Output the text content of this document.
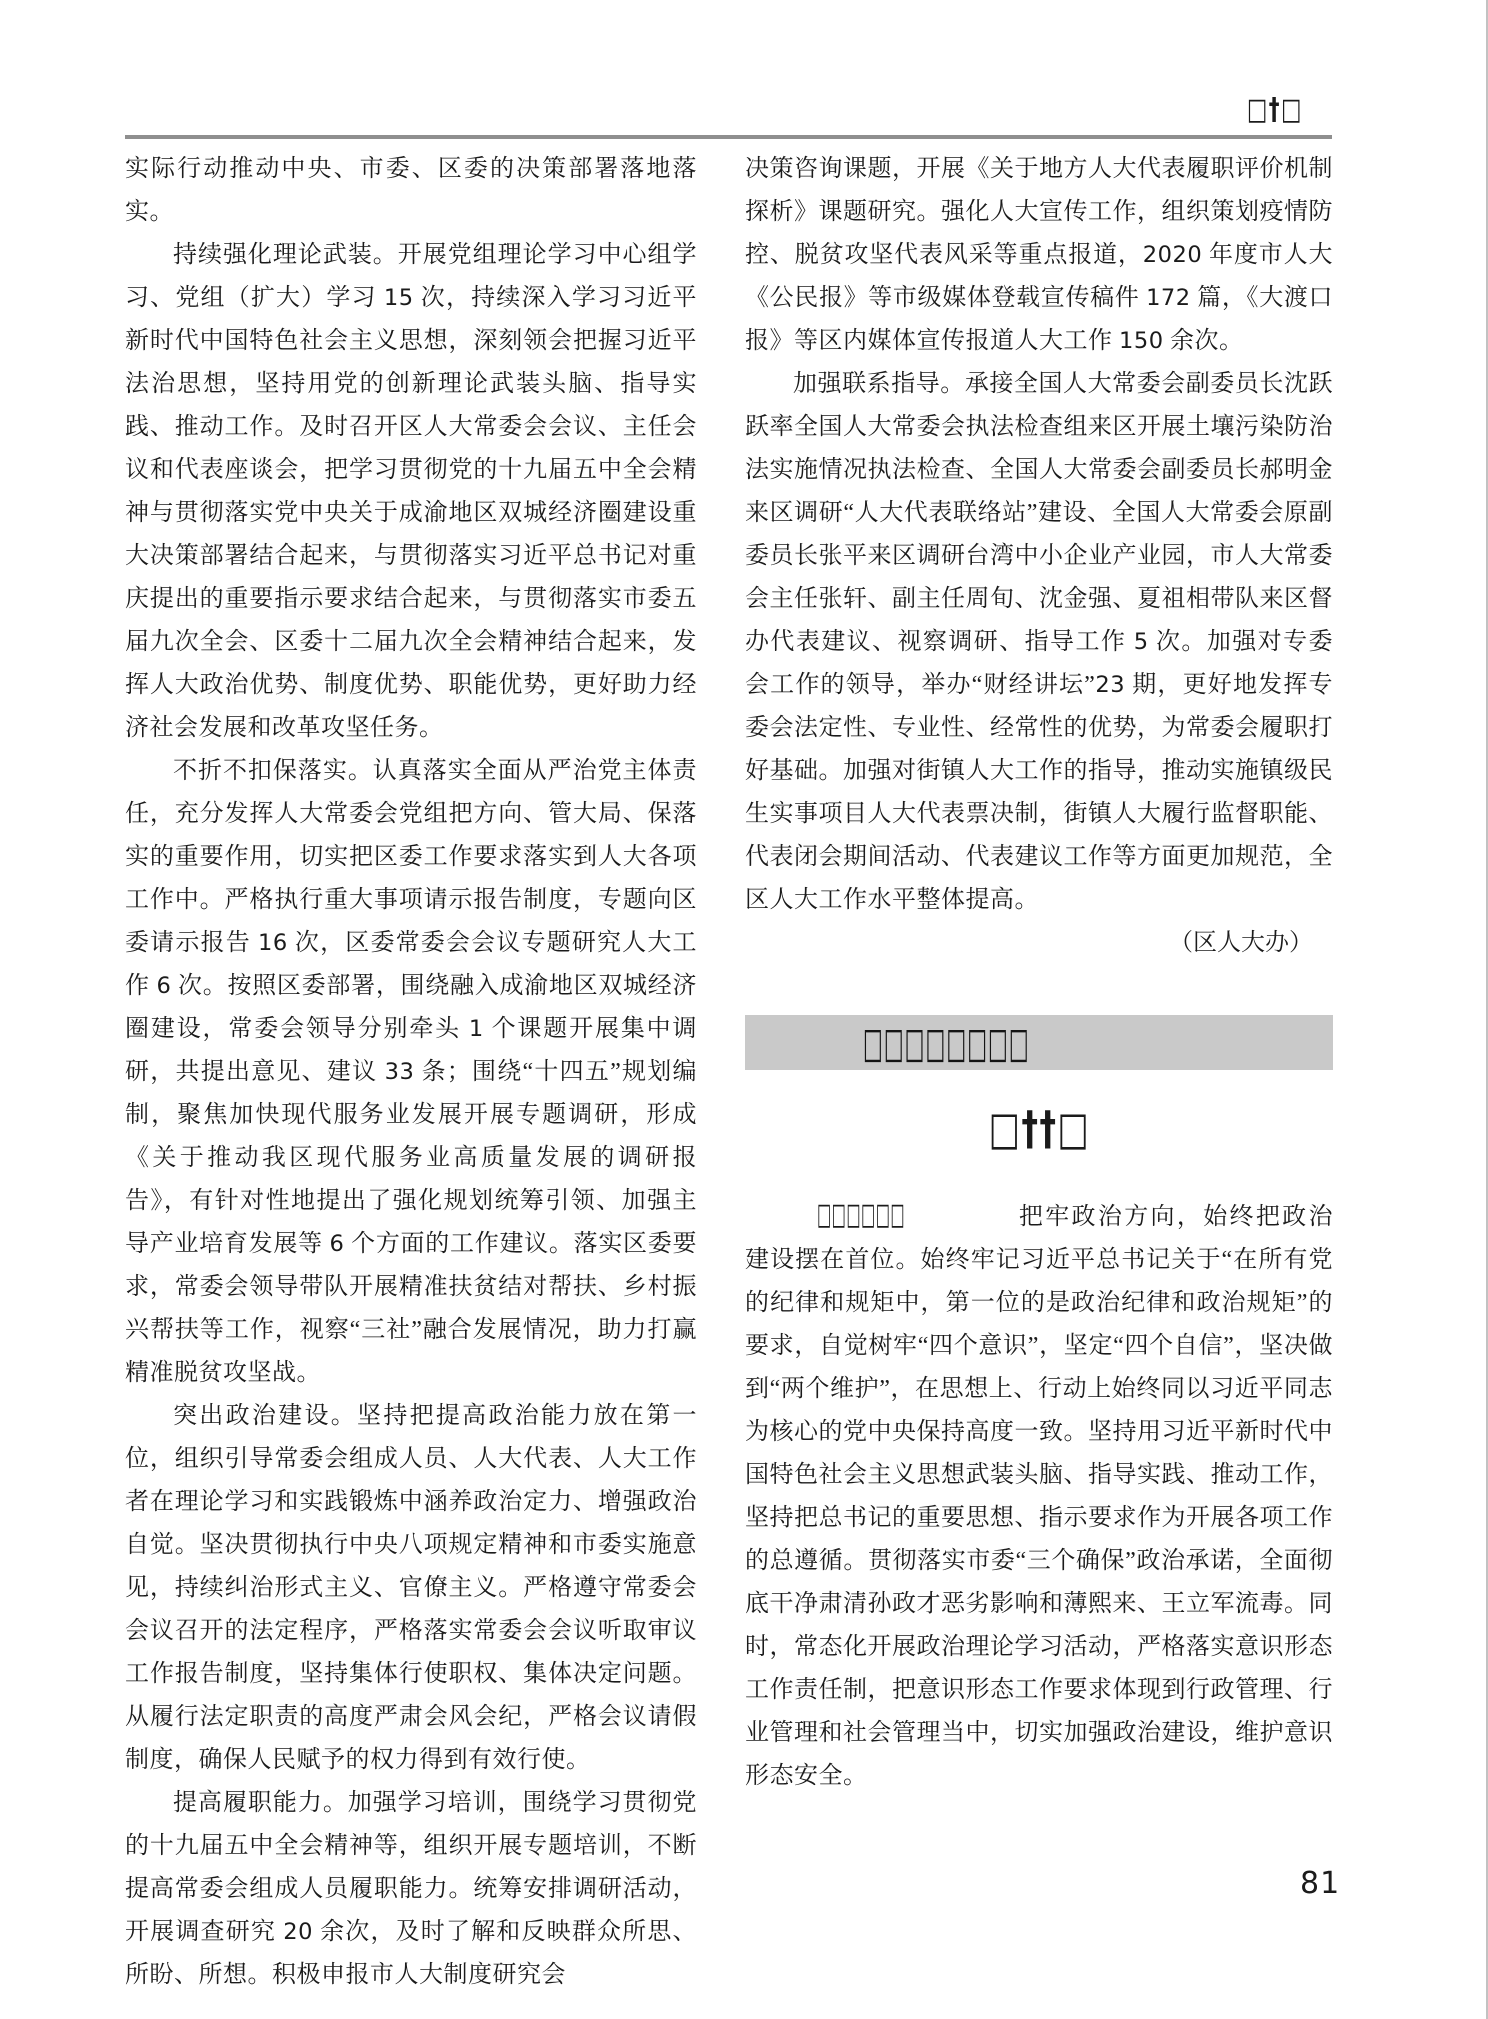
□†□

实际行动推动中央、市委、区委的决策部署落地落实。

持续强化理论武装。开展党组理论学习中心组学习、党组（扩大）学习 15 次，持续深入学习习近平新时代中国特色社会主义思想，深刻领会把握习近平法治思想，坚持用党的创新理论武装头脑、指导实践、推动工作。及时召开区人大常委会会议、主任会议和代表座谈会，把学习贯彻党的十九届五中全会精神与贯彻落实党中央关于成渝地区双城经济圈建设重大决策部署结合起来，与贯彻落实习近平总书记对重庆提出的重要指示要求结合起来，与贯彻落实市委五届九次全会、区委十二届九次全会精神结合起来，发挥人大政治优势、制度优势、职能优势，更好助力经济社会发展和改革攻坚任务。

不折不扣保落实。认真落实全面从严治党主体责任，充分发挥人大常委会党组把方向、管大局、保落实的重要作用，切实把区委工作要求落实到人大各项工作中。严格执行重大事项请示报告制度，专题向区委请示报告 16 次，区委常委会会议专题研究人大工作 6 次。按照区委部署，围绕融入成渝地区双城经济圈建设，常委会领导分别牵头 1 个课题开展集中调研，共提出意见、建议 33 条；围绕“十四五”规划编制，聚焦加快现代服务业发展开展专题调研，形成《关于推动我区现代服务业高质量发展的调研报告》，有针对性地提出了强化规划统筹引领、加强主导产业培育发展等 6 个方面的工作建议。落实区委要求，常委会领导带队开展精准扶贫结对帮扶、乡村振兴帮扶等工作，视察“三社”融合发展情况，助力打赢精准脱贫攻坚战。

突出政治建设。坚持把提高政治能力放在第一位，组织引导常委会组成人员、人大代表、人大工作者在理论学习和实践锻炼中涵养政治定力、增强政治自觉。坚决贯彻执行中央八项规定精神和市委实施意见，持续纠治形式主义、官僚主义。严格遵守常委会会议召开的法定程序，严格落实常委会会议听取审议工作报告制度，坚持集体行使职权、集体决定问题。从履行法定职责的高度严肃会风会纪，严格会议请假制度，确保人民赋予的权力得到有效行使。

提高履职能力。加强学习培训，围绕学习贯彻党的十九届五中全会精神等，组织开展专题培训，不断提高常委会组成人员履职能力。统筹安排调研活动，开展调查研究 20 余次，及时了解和反映群众所思、所盼、所想。积极申报市人大制度研究会

决策咨询课题，开展《关于地方人大代表履职评价机制探析》课题研究。强化人大宣传工作，组织策划疫情防控、脱贫攻坚代表风采等重点报道，2020 年度市人大《公民报》等市级媒体登载宣传稿件 172 篇，《大渡口报》等区内媒体宣传报道人大工作 150 余次。

加强联系指导。承接全国人大常委会副委员长沈跃跃率全国人大常委会执法检查组来区开展土壤污染防治法实施情况执法检查、全国人大常委会副委员长郝明金来区调研“人大代表联络站”建设、全国人大常委会原副委员长张平来区调研台湾中小企业产业园，市人大常委会主任张轩、副主任周旬、沈金强、夏祖相带队来区督办代表建议、视察调研、指导工作 5 次。加强对专委会工作的领导，举办“财经讲坛”23 期，更好地发挥专委会法定性、专业性、经常性的优势，为常委会履职打好基础。加强对街镇人大工作的指导，推动实施镇级民生实事项目人大代表票决制，街镇人大履行监督职能、代表闭会期间活动、代表建议工作等方面更加规范，全区人大工作水平整体提高。

（区人大办）

□□□□□□□□
□††□

□□□□□□	把牢政治方向，始终把政治建设摆在首位。始终牢记习近平总书记关于“在所有党的纪律和规矩中，第一位的是政治纪律和政治规矩”的要求，自觉树牢“四个意识”，坚定“四个自信”，坚决做到“两个维护”，在思想上、行动上始终同以习近平同志为核心的党中央保持高度一致。坚持用习近平新时代中国特色社会主义思想武装头脑、指导实践、推动工作，坚持把总书记的重要思想、指示要求作为开展各项工作的总遵循。贯彻落实市委“三个确保”政治承诺，全面彻底干净肃清孙政才恶劣影响和薄熙来、王立军流毒。同时，常态化开展政治理论学习活动，严格落实意识形态工作责任制，把意识形态工作要求体现到行政管理、行业管理和社会管理当中，切实加强政治建设，维护意识形态安全。

81
